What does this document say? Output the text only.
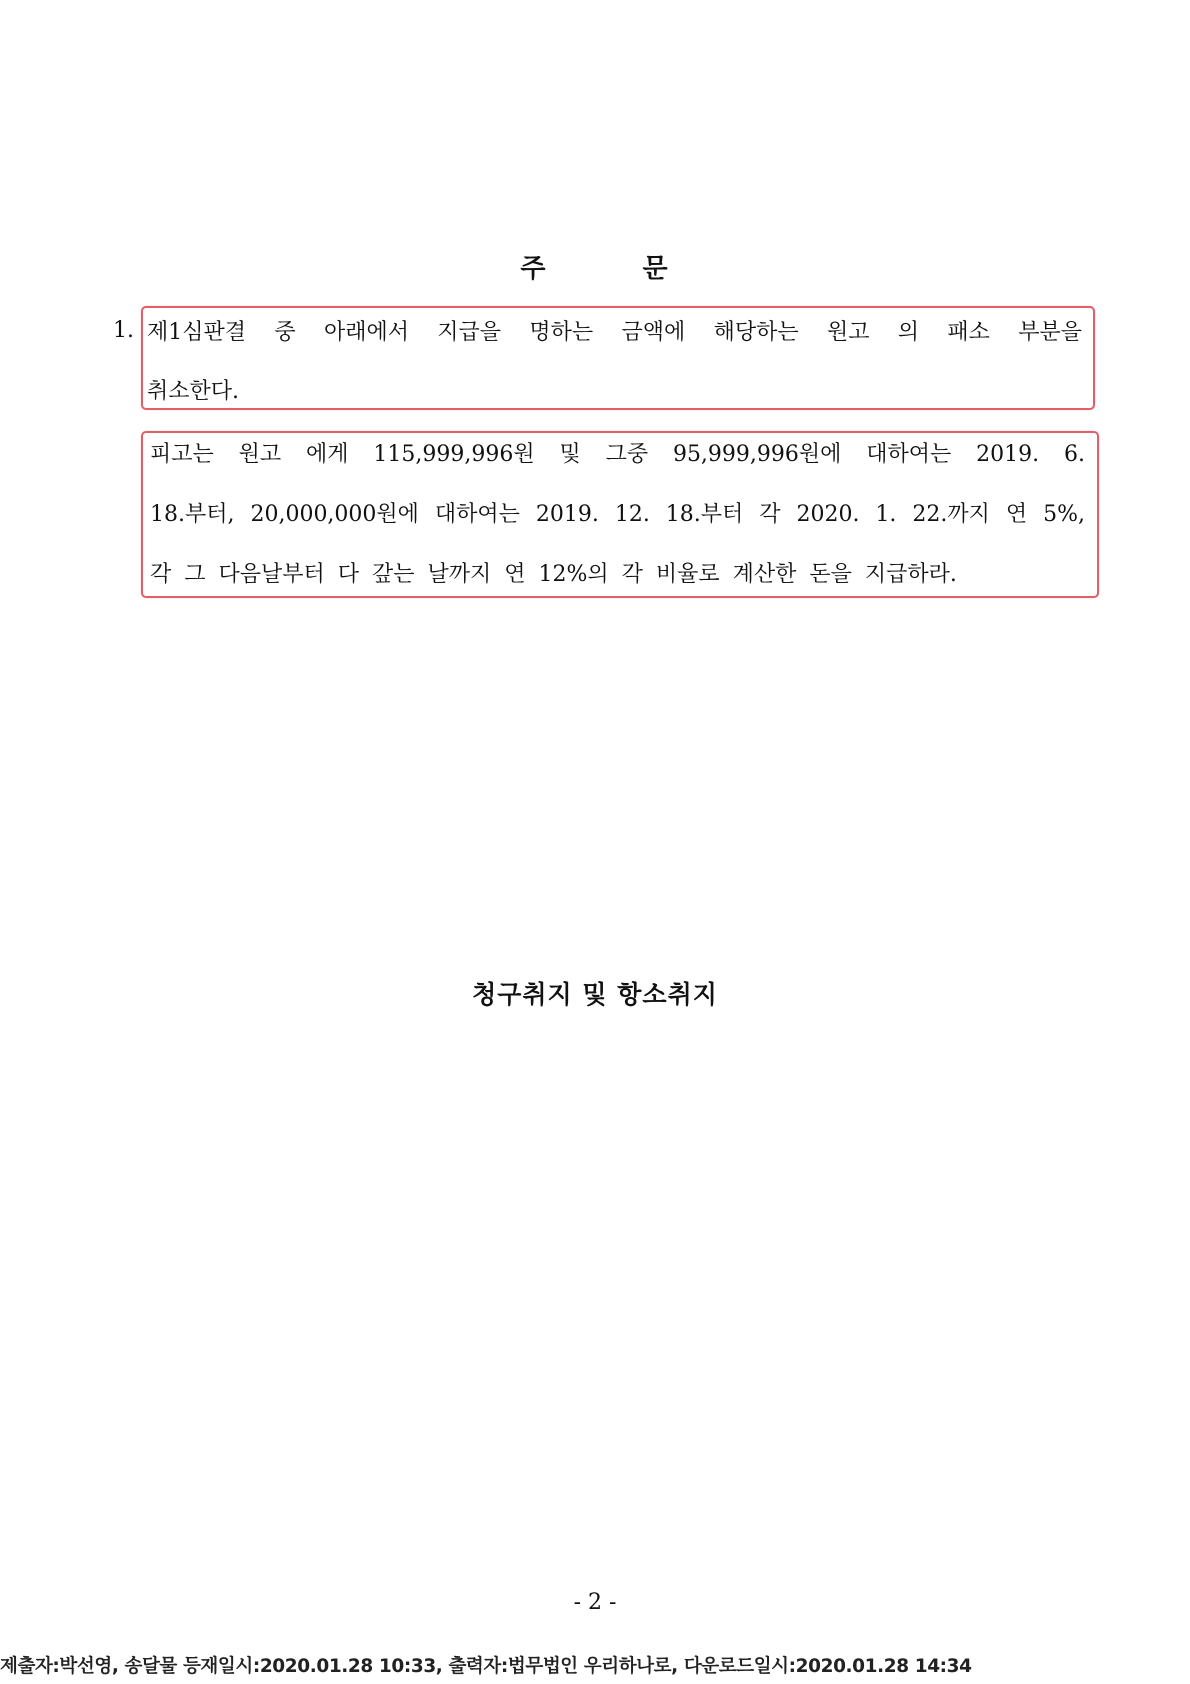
주	문
1. 제1심판결 중 아래에서 지급을 명하는 금액에 해당하는 원고 의 패소 부분을
취소한다.
피고는 원고 에게 115,999,996원 및 그중 95,999,996원에 대하여는 2019. 6.
18.부터, 20,000,000원에 대하여는 2019. 12. 18.부터 각 2020. 1. 22.까지 연 5%,
각 그 다음날부터 다 갚는 날까지 연 12%의 각 비율로 계산한 돈을 지급하라.
청구취지 및 항소취지
- 2 -
제출자:박선영, 송달물 등재일시:2020.01.28 10:33, 출력자:법무법인 우리하나로, 다운로드일시:2020.01.28 14:34
